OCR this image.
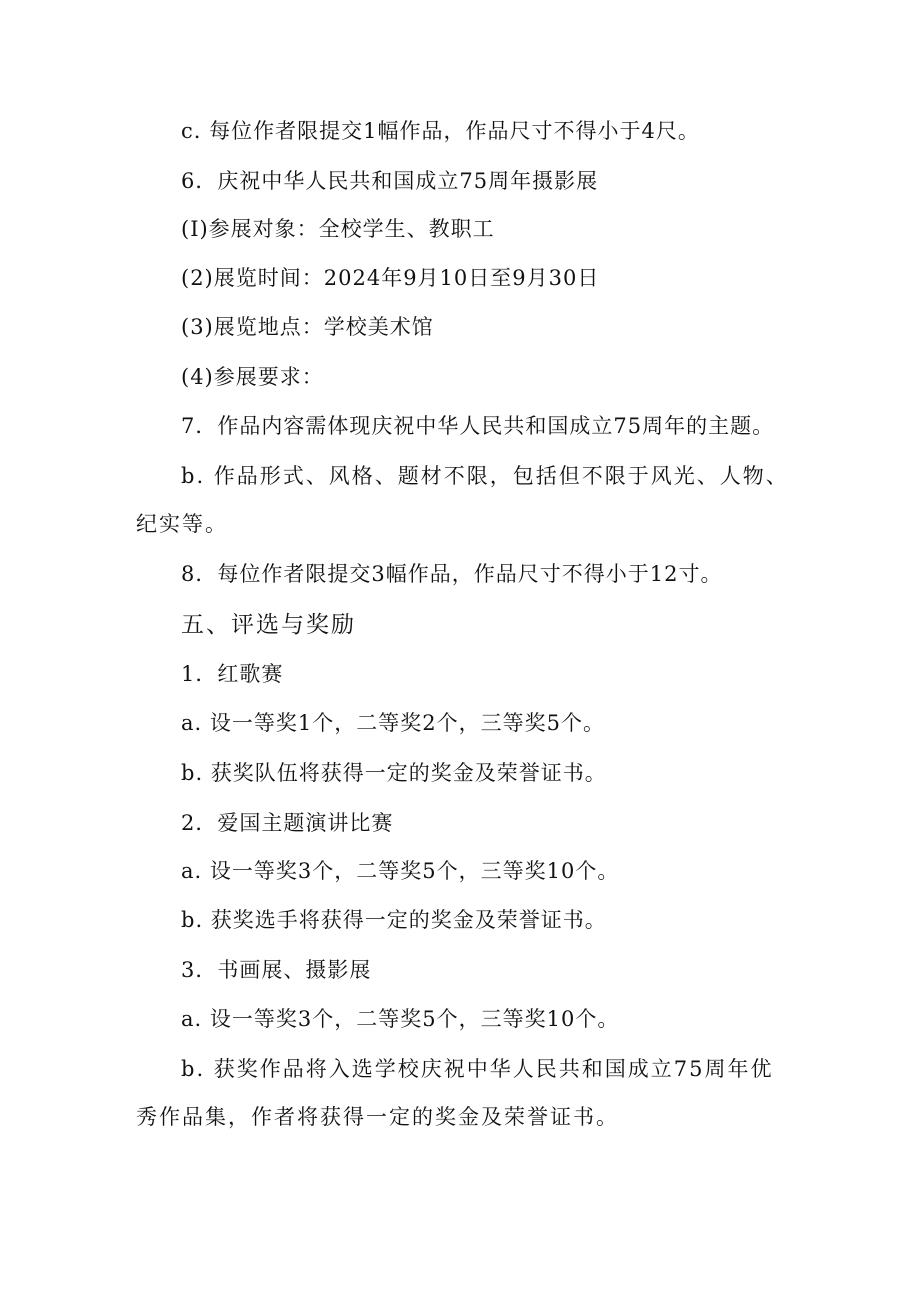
c. 每位作者限提交1幅作品，作品尺寸不得小于4尺。
6．庆祝中华人民共和国成立75周年摄影展
(I)参展对象：全校学生、教职工
(2)展览时间：2024年9月10日至9月30日
(3)展览地点：学校美术馆
(4)参展要求：
7．作品内容需体现庆祝中华人民共和国成立75周年的主题。
b. 作品形式、风格、题材不限，包括但不限于风光、人物、纪实等。
8．每位作者限提交3幅作品，作品尺寸不得小于12寸。
五、评选与奖励
1．红歌赛
a. 设一等奖1个，二等奖2个，三等奖5个。
b. 获奖队伍将获得一定的奖金及荣誉证书。
2．爱国主题演讲比赛
a. 设一等奖3个，二等奖5个，三等奖10个。
b. 获奖选手将获得一定的奖金及荣誉证书。
3．书画展、摄影展
a. 设一等奖3个，二等奖5个，三等奖10个。
b. 获奖作品将入选学校庆祝中华人民共和国成立75周年优秀作品集，作者将获得一定的奖金及荣誉证书。
